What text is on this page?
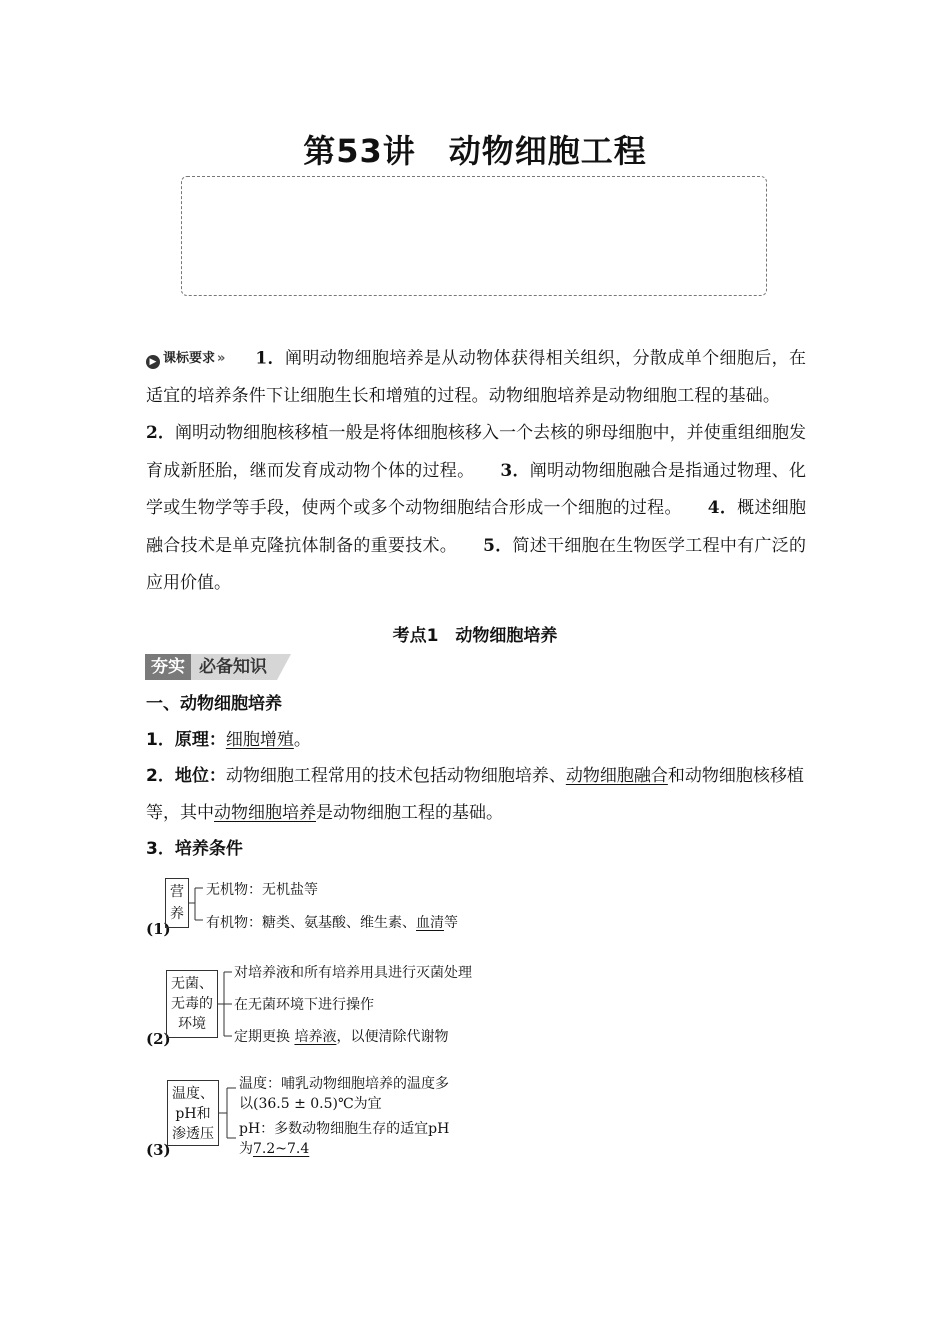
第53讲　动物细胞工程
▶ 课标要求 » 1．阐明动物细胞培养是从动物体获得相关组织，分散成单个细胞后，在适宜的培养条件下让细胞生长和增殖的过程。动物细胞培养是动物细胞工程的基础。2．阐明动物细胞核移植一般是将体细胞核移入一个去核的卵母细胞中，并使重组细胞发育成新胚胎，继而发育成动物个体的过程。 3．阐明动物细胞融合是指通过物理、化学或生物学等手段，使两个或多个动物细胞结合形成一个细胞的过程。 4．概述细胞融合技术是单克隆抗体制备的重要技术。 5．简述干细胞在生物医学工程中有广泛的应用价值。
考点1　动物细胞培养
夯实 必备知识
一、动物细胞培养
1．原理：细胞增殖。
2．地位：动物细胞工程常用的技术包括动物细胞培养、动物细胞融合和动物细胞核移植等，其中动物细胞培养是动物细胞工程的基础。
3．培养条件
(1)
营
养
无机物：无机盐等
有机物：糖类、氨基酸、维生素、血清等
(2)
无菌、
无毒的
环境
对培养液和所有培养用具进行灭菌处理
在无菌环境下进行操作
定期更换 培养液，以便清除代谢物
(3)
温度、
pH和
渗透压
温度：哺乳动物细胞培养的温度多
以(36.5 ± 0.5)℃为宜
pH：多数动物细胞生存的适宜pH
为7.2~7.4
